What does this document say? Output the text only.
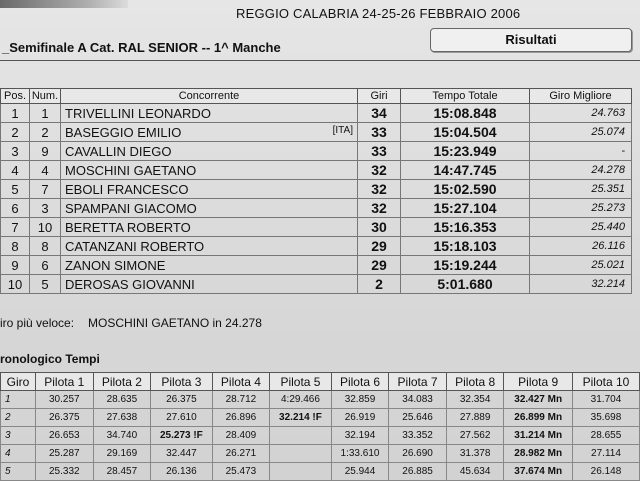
REGGIO CALABRIA 24-25-26 FEBBRAIO 2006
_Semifinale A Cat. RAL SENIOR -- 1^ Manche
Risultati
Pos.	Num.	Concorrente	Giri	Tempo Totale	Giro Migliore
1	1	TRIVELLINI LEONARDO	34	15:08.848	24.763
2	2	BASEGGIO EMILIO [ITA]	33	15:04.504	25.074
3	9	CAVALLIN DIEGO	33	15:23.949	-
4	4	MOSCHINI GAETANO	32	14:47.745	24.278
5	7	EBOLI FRANCESCO	32	15:02.590	25.351
6	3	SPAMPANI GIACOMO	32	15:27.104	25.273
7	10	BERETTA ROBERTO	30	15:16.353	25.440
8	8	CATANZANI ROBERTO	29	15:18.103	26.116
9	6	ZANON SIMONE	29	15:19.244	25.021
10	5	DEROSAS GIOVANNI	2	5:01.680	32.214
iro più veloce: MOSCHINI GAETANO in 24.278
ronologico Tempi
Giro	Pilota 1	Pilota 2	Pilota 3	Pilota 4	Pilota 5	Pilota 6	Pilota 7	Pilota 8	Pilota 9	Pilota 10
1	30.257	28.635	26.375	28.712	4:29.466	32.859	34.083	32.354	32.427 Mn	31.704
2	26.375	27.638	27.610	26.896	32.214 !F	26.919	25.646	27.889	26.899 Mn	35.698
3	26.653	34.740	25.273 !F	28.409		32.194	33.352	27.562	31.214 Mn	28.655
4	25.287	29.169	32.447	26.271		1:33.610	26.690	31.378	28.982 Mn	27.114
5	25.332	28.457	26.136	25.473		25.944	26.885	45.634	37.674 Mn	26.148
